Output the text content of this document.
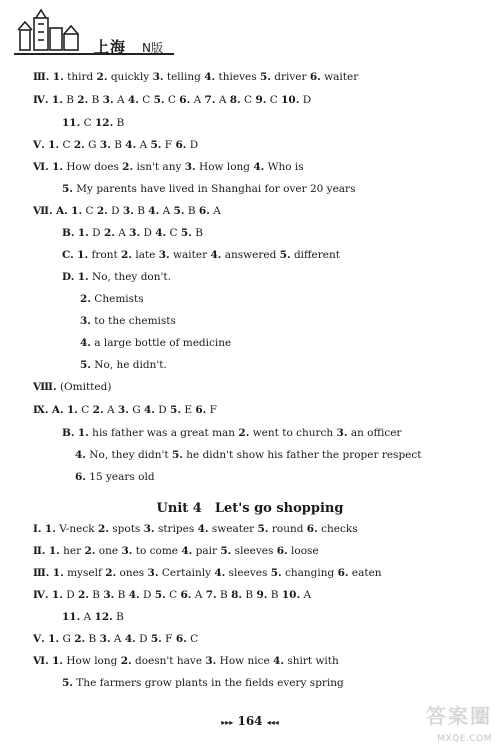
上海 N版
Ⅲ. 1. third 2. quickly 3. telling 4. thieves 5. driver 6. waiter
Ⅳ. 1. B 2. B 3. A 4. C 5. C 6. A 7. A 8. C 9. C 10. D
11. C 12. B
Ⅴ. 1. C 2. G 3. B 4. A 5. F 6. D
Ⅵ. 1. How does 2. isn't any 3. How long 4. Who is
5. My parents have lived in Shanghai for over 20 years
Ⅶ. A. 1. C 2. D 3. B 4. A 5. B 6. A
B. 1. D 2. A 3. D 4. C 5. B
C. 1. front 2. late 3. waiter 4. answered 5. different
D. 1. No, they don't.
2. Chemists
3. to the chemists
4. a large bottle of medicine
5. No, he didn't.
Ⅷ. (Omitted)
Ⅸ. A. 1. C 2. A 3. G 4. D 5. E 6. F
B. 1. his father was a great man 2. went to church 3. an officer
4. No, they didn't 5. he didn't show his father the proper respect
6. 15 years old
Ⅰ. 1. V-neck 2. spots 3. stripes 4. sweater 5. round 6. checks
Ⅱ. 1. her 2. one 3. to come 4. pair 5. sleeves 6. loose
Ⅲ. 1. myself 2. ones 3. Certainly 4. sleeves 5. changing 6. eaten
Ⅳ. 1. D 2. B 3. B 4. D 5. C 6. A 7. B 8. B 9. B 10. A
11. A 12. B
Ⅴ. 1. G 2. B 3. A 4. D 5. F 6. C
Ⅵ. 1. How long 2. doesn't have 3. How nice 4. shirt with
5. The farmers grow plants in the fields every spring
Unit 4　Let's go shopping
▸▸▸ 164 ◂◂◂	答案圈
MXQE.COM
